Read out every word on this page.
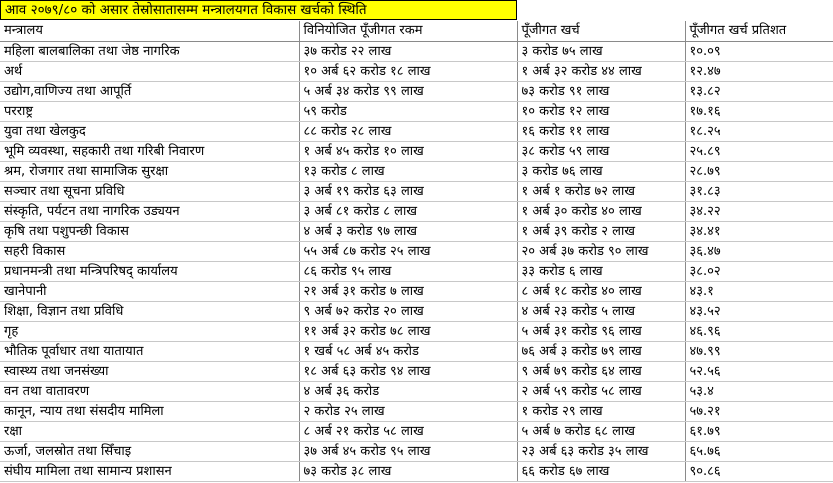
आव २०७९/८० को असार तेस्रोसातासम्म मन्त्रालयगत विकास खर्चको स्थिति
मन्त्रालय	विनियोजित पूँजीगत रकम	पूँजीगत खर्च	पूँजीगत खर्च प्रतिशत
महिला बालबालिका तथा जेष्ठ नागरिक	३७ करोड २२ लाख	३ करोड ७५ लाख	१०.०९
अर्थ	१० अर्ब ६२ करोड १८ लाख	१ अर्ब ३२ करोड ४४ लाख	१२.४७
उद्योग,वाणिज्य तथा आपूर्ति	५ अर्ब ३४ करोड ९९ लाख	७३ करोड ९१ लाख	१३.८२
परराष्ट्र	५९ करोड	१० करोड १२ लाख	१७.१६
युवा तथा खेलकुद	८८ करोड २८ लाख	१६ करोड ११ लाख	१८.२५
भूमि व्यवस्था, सहकारी तथा गरिबी निवारण	१ अर्ब ४५ करोड १० लाख	३८ करोड ५९ लाख	२५.८९
श्रम, रोजगार तथा सामाजिक सुरक्षा	१३ करोड ८ लाख	३ करोड ७६ लाख	२८.७९
सञ्चार तथा सूचना प्रविधि	३ अर्ब १९ करोड ६३ लाख	१ अर्ब १ करोड ७२ लाख	३१.८३
संस्कृति, पर्यटन तथा नागरिक उड्ययन	३ अर्ब ८१ करोड ८ लाख	१ अर्ब ३० करोड ४० लाख	३४.२२
कृषि तथा पशुपन्छी विकास	४ अर्ब ३ करोड ९७ लाख	१ अर्ब ३९ करोड २ लाख	३४.४१
सहरी विकास	५५ अर्ब ८७ करोड २५ लाख	२० अर्ब ३७ करोड ९० लाख	३६.४७
प्रधानमन्त्री तथा मन्त्रिपरिषद् कार्यालय	८६ करोड ९५ लाख	३३ करोड ६ लाख	३८.०२
खानेपानी	२१ अर्ब ३१ करोड ७ लाख	८ अर्ब १८ करोड ४० लाख	४३.१
शिक्षा, विज्ञान तथा प्रविधि	९ अर्ब ७२ करोड २० लाख	४ अर्ब २३ करोड ५ लाख	४३.५२
गृह	११ अर्ब ३२ करोड ७८ लाख	५ अर्ब ३१ करोड ९६ लाख	४६.९६
भौतिक पूर्वाधार तथा यातायात	१ खर्ब ५८ अर्ब ४५ करोड	७६ अर्ब ३ करोड ७९ लाख	४७.९९
स्वास्थ्य तथा जनसंख्या	१८ अर्ब ६३ करोड ९४ लाख	९ अर्ब ७९ करोड ६४ लाख	५२.५६
वन तथा वातावरण	४ अर्ब ३६ करोड	२ अर्ब ५९ करोड ५८ लाख	५३.४
कानून, न्याय तथा संसदीय मामिला	२ करोड २५ लाख	१ करोड २९ लाख	५७.२१
रक्षा	८ अर्ब २१ करोड ५८ लाख	५ अर्ब ७ करोड ६८ लाख	६१.७९
ऊर्जा, जलस्रोत तथा सिँचाइ	३७ अर्ब ४५ करोड ९५ लाख	२३ अर्ब ६३ करोड ३५ लाख	६५.७६
संघीय मामिला तथा सामान्य प्रशासन	७३ करोड ३८ लाख	६६ करोड ६७ लाख	९०.८६
